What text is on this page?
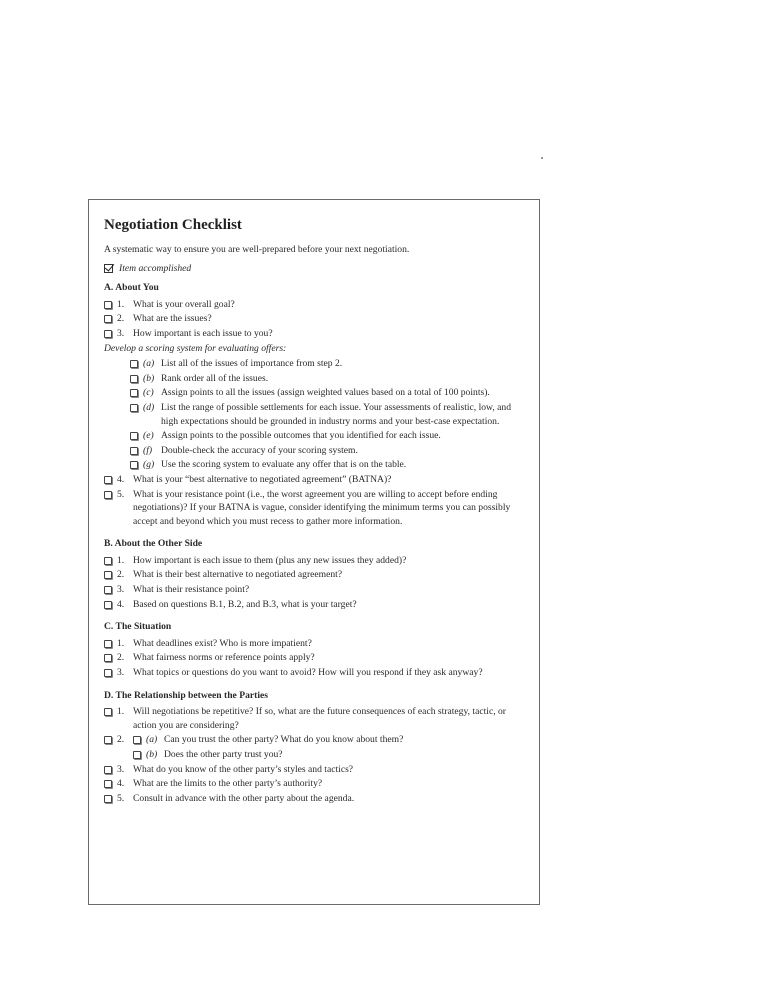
Negotiation Checklist
A systematic way to ensure you are well-prepared before your next negotiation.
Item accomplished
A. About You
1. What is your overall goal?
2. What are the issues?
3. How important is each issue to you?
Develop a scoring system for evaluating offers:
(a) List all of the issues of importance from step 2.
(b) Rank order all of the issues.
(c) Assign points to all the issues (assign weighted values based on a total of 100 points).
(d) List the range of possible settlements for each issue. Your assessments of realistic, low, and high expectations should be grounded in industry norms and your best-case expectation.
(e) Assign points to the possible outcomes that you identified for each issue.
(f) Double-check the accuracy of your scoring system.
(g) Use the scoring system to evaluate any offer that is on the table.
4. What is your “best alternative to negotiated agreement” (BATNA)?
5. What is your resistance point (i.e., the worst agreement you are willing to accept before ending negotiations)? If your BATNA is vague, consider identifying the minimum terms you can possibly accept and beyond which you must recess to gather more information.
B. About the Other Side
1. How important is each issue to them (plus any new issues they added)?
2. What is their best alternative to negotiated agreement?
3. What is their resistance point?
4. Based on questions B.1, B.2, and B.3, what is your target?
C. The Situation
1. What deadlines exist? Who is more impatient?
2. What fairness norms or reference points apply?
3. What topics or questions do you want to avoid? How will you respond if they ask anyway?
D. The Relationship between the Parties
1. Will negotiations be repetitive? If so, what are the future consequences of each strategy, tactic, or action you are considering?
2.	(a) Can you trust the other party? What do you know about them?
(b) Does the other party trust you?
3. What do you know of the other party’s styles and tactics?
4. What are the limits to the other party’s authority?
5. Consult in advance with the other party about the agenda.
